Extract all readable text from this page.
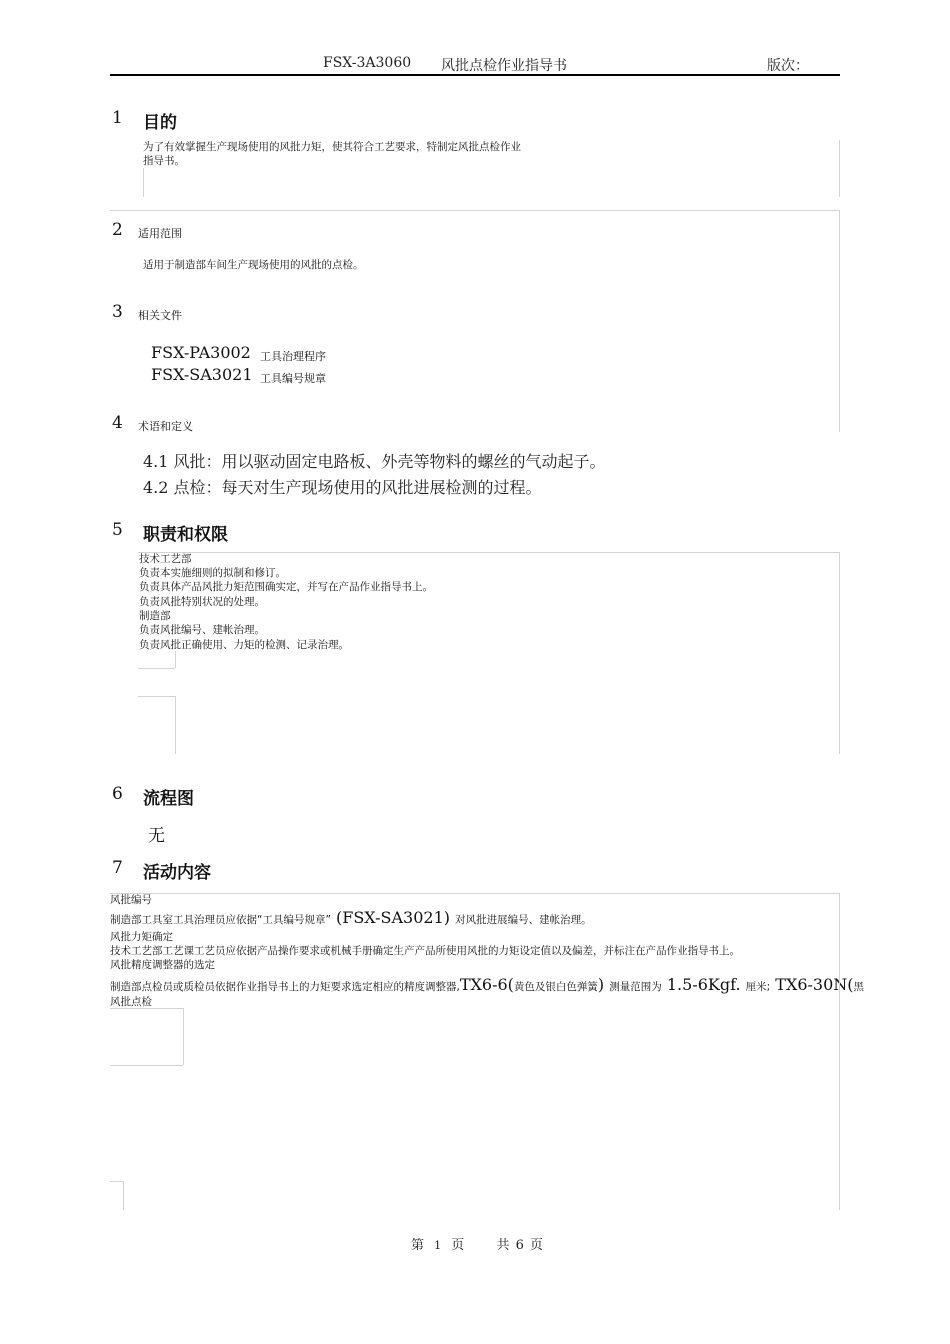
FSX-3A3060 风批点检作业指导书	版次：
1 目的
为了有效掌握生产现场使用的风批力矩，使其符合工艺要求，特制定风批点检作业
指导书。
2 适用范围
适用于制造部车间生产现场使用的风批的点检。
3 相关文件
FSX-PA3002 工具治理程序
FSX-SA3021 工具编号规章
4 术语和定义
4.1 风批：用以驱动固定电路板、外壳等物料的螺丝的气动起子。
4.2 点检：每天对生产现场使用的风批进展检测的过程。
5 职责和权限
技术工艺部
负责本实施细则的拟制和修订。
负责具体产品风批力矩范围确实定，并写在产品作业指导书上。
负责风批特别状况的处理。
制造部
负责风批编号、建帐治理。
负责风批正确使用、力矩的检测、记录治理。
6 流程图
无
7 活动内容
风批编号
制造部工具室工具治理员应依据“工具编号规章” (FSX-SA3021) 对风批进展编号、建帐治理。
风批力矩确定
技术工艺部工艺课工艺员应依据产品操作要求或机械手册确定生产产品所使用风批的力矩设定值以及偏差，并标注在产品作业指导书上。
风批精度调整器的选定
制造部点检员或质检员依据作业指导书上的力矩要求选定相应的精度调整器,TX6-6(黄色及银白色弹簧) 测量范围为 1.5-6Kgf. 厘米; TX6-30N(黑
风批点检
第 1 页 共 6 页
